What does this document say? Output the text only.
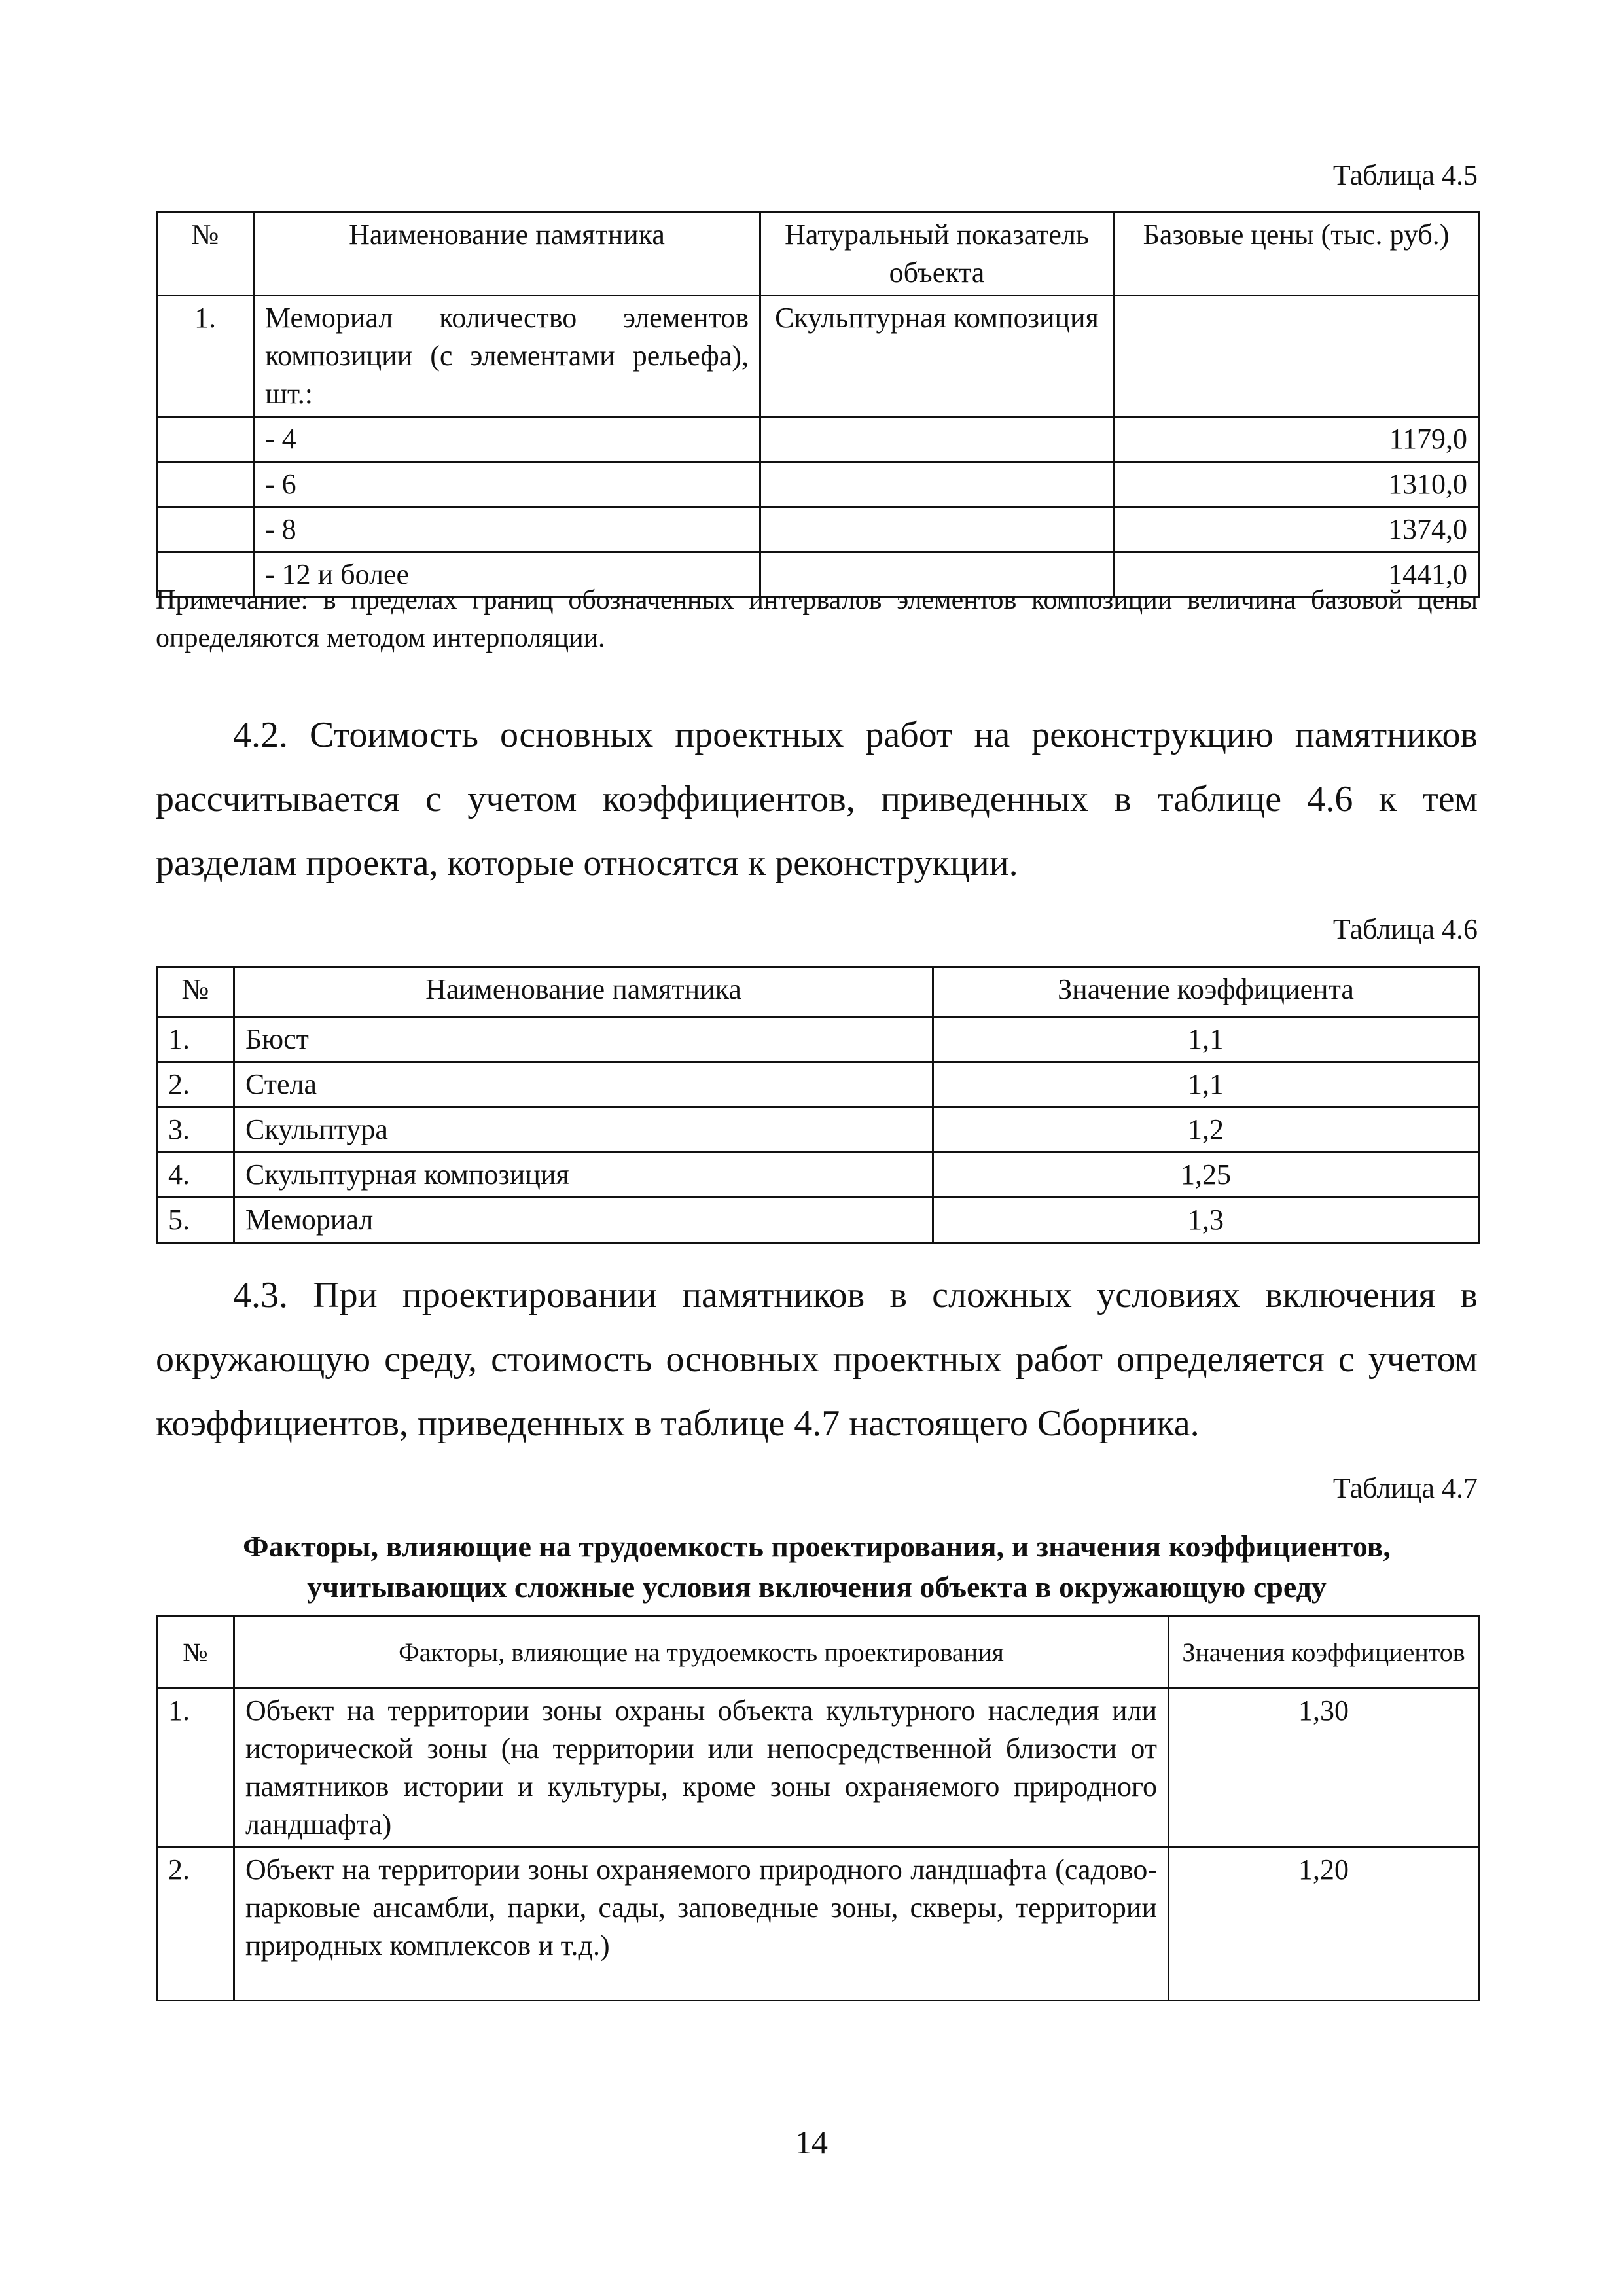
Таблица 4.5
№	Наименование памятника	Натуральный показатель объекта	Базовые цены (тыс. руб.)
1.	Мемориал количество элементов композиции (с элементами рельефа), шт.:	Скульптурная композиция	
	- 4		1179,0
	- 6		1310,0
	- 8		1374,0
	- 12 и более		1441,0
Примечание: в пределах границ обозначенных интервалов элементов композиции величина базовой цены определяются методом интерполяции.
4.2. Стоимость основных проектных работ на реконструкцию памятников рассчитывается с учетом коэффициентов, приведенных в таблице 4.6 к тем разделам проекта, которые относятся к реконструкции.
Таблица 4.6
№	Наименование памятника	Значение коэффициента
1.	Бюст	1,1
2.	Стела	1,1
3.	Скульптура	1,2
4.	Скульптурная композиция	1,25
5.	Мемориал	1,3
4.3. При проектировании памятников в сложных условиях включения в окружающую среду, стоимость основных проектных работ определяется с учетом коэффициентов, приведенных в таблице 4.7 настоящего Сборника.
Таблица 4.7
Факторы, влияющие на трудоемкость проектирования, и значения коэффициентов,
учитывающих сложные условия включения объекта в окружающую среду
№	Факторы, влияющие на трудоемкость проектирования	Значения коэффициентов
1.	Объект на территории зоны охраны объекта культурного наследия или исторической зоны (на территории или непосредственной близости от памятников истории и культуры, кроме зоны охраняемого природного ландшафта)	1,30
2.	Объект на территории зоны охраняемого природного ландшафта (садово-парковые ансамбли, парки, сады, заповедные зоны, скверы, территории природных комплексов и т.д.)	1,20
14
